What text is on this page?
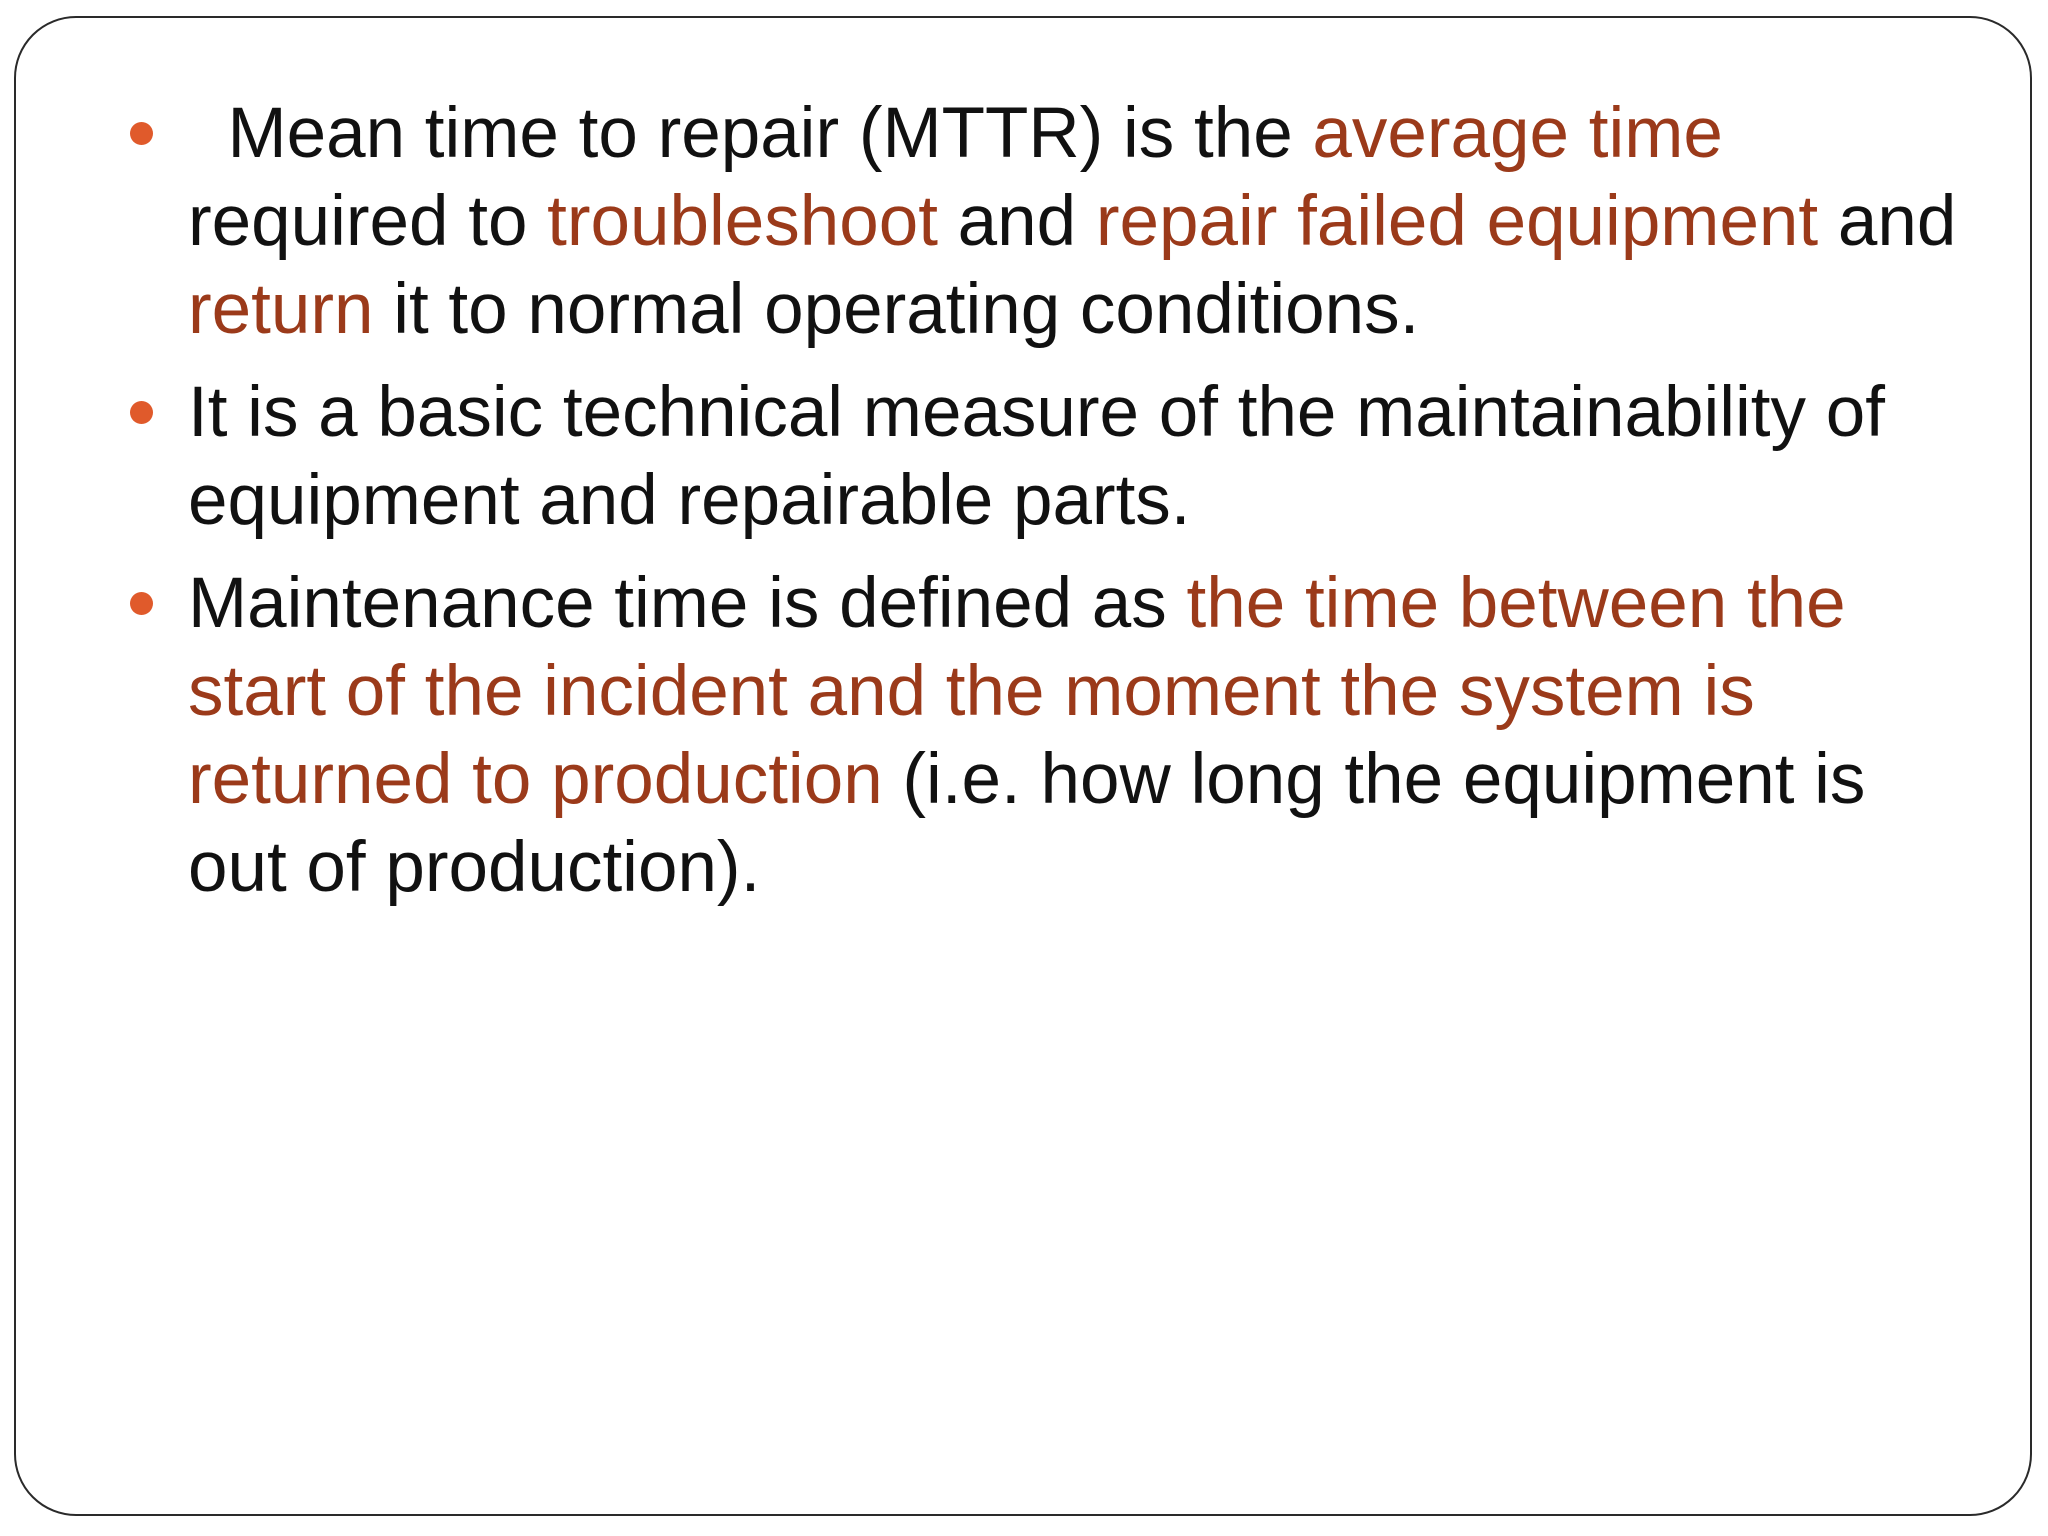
Mean time to repair (MTTR) is the average time
required to troubleshoot and repair failed equipment and return it to normal operating conditions.
It is a basic technical measure of the maintainability of equipment and repairable parts.
Maintenance time is defined as the time between the start of the incident and the moment the system is returned to production (i.e. how long the equipment is out of production).
